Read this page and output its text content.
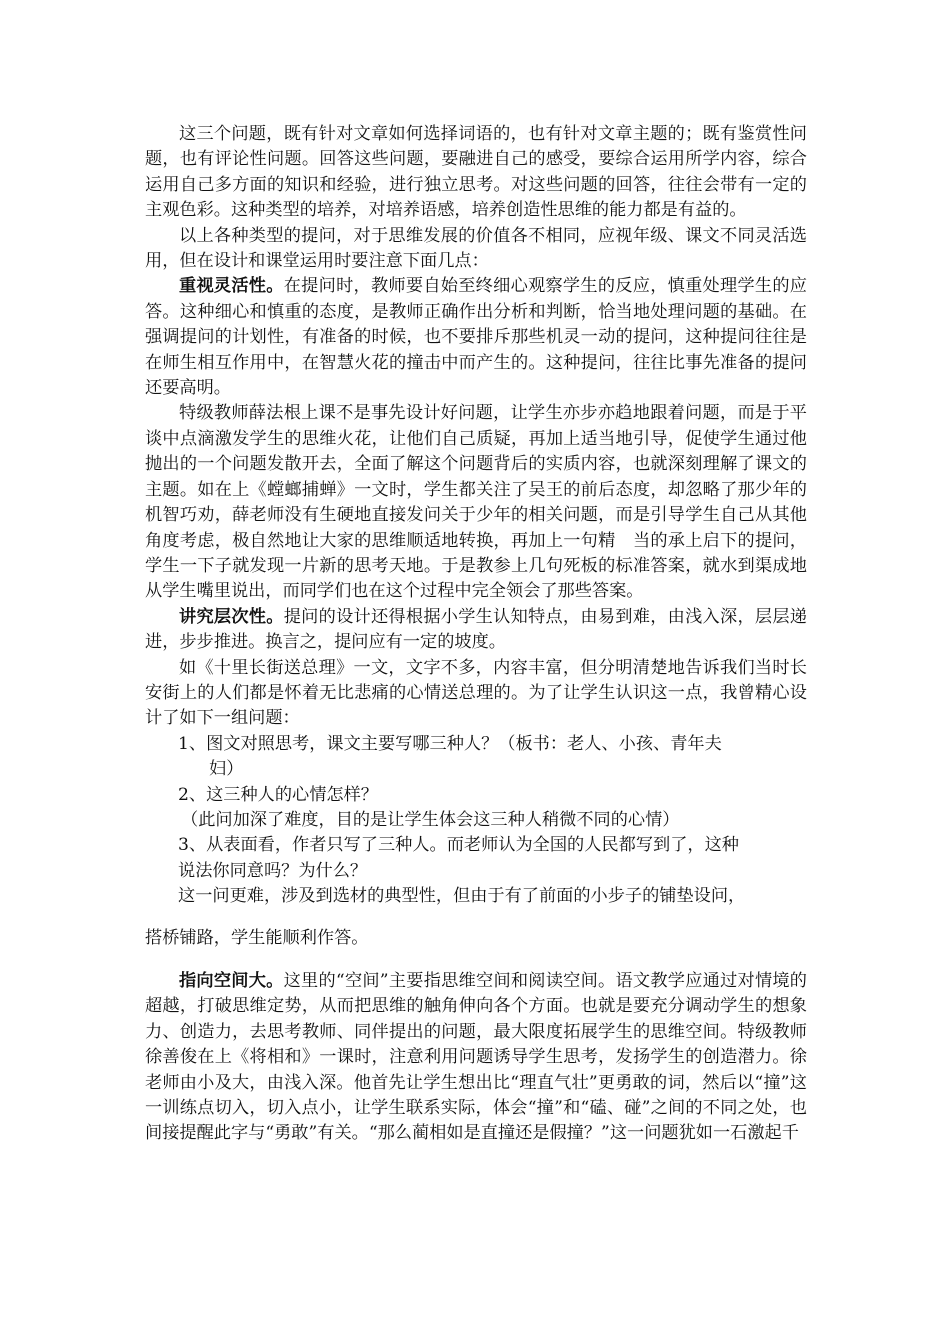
这三个问题，既有针对文章如何选择词语的，也有针对文章主题的；既有鉴赏性问题，也有评论性问题。回答这些问题，要融进自己的感受，要综合运用所学内容，综合运用自己多方面的知识和经验，进行独立思考。对这些问题的回答，往往会带有一定的主观色彩。这种类型的培养，对培养语感，培养创造性思维的能力都是有益的。

以上各种类型的提问，对于思维发展的价值各不相同，应视年级、课文不同灵活选用，但在设计和课堂运用时要注意下面几点：

重视灵活性。在提问时，教师要自始至终细心观察学生的反应，慎重处理学生的应答。这种细心和慎重的态度，是教师正确作出分析和判断，恰当地处理问题的基础。在强调提问的计划性，有准备的时候，也不要排斥那些机灵一动的提问，这种提问往往是在师生相互作用中，在智慧火花的撞击中而产生的。这种提问，往往比事先准备的提问还要高明。

特级教师薛法根上课不是事先设计好问题，让学生亦步亦趋地跟着问题，而是于平谈中点滴激发学生的思维火花，让他们自己质疑，再加上适当地引导，促使学生通过他抛出的一个问题发散开去，全面了解这个问题背后的实质内容，也就深刻理解了课文的主题。如在上《螳螂捕蝉》一文时，学生都关注了吴王的前后态度，却忽略了那少年的机智巧劝，薛老师没有生硬地直接发问关于少年的相关问题，而是引导学生自己从其他角度考虑，极自然地让大家的思维顺适地转换，再加上一句精　当的承上启下的提问，学生一下子就发现一片新的思考天地。于是教参上几句死板的标准答案，就水到渠成地从学生嘴里说出，而同学们也在这个过程中完全领会了那些答案。

讲究层次性。提问的设计还得根据小学生认知特点，由易到难，由浅入深，层层递进，步步推进。换言之，提问应有一定的坡度。

如《十里长街送总理》一文，文字不多，内容丰富，但分明清楚地告诉我们当时长安街上的人们都是怀着无比悲痛的心情送总理的。为了让学生认识这一点，我曾精心设计了如下一组问题：

1、图文对照思考，课文主要写哪三种人？（板书：老人、小孩、青年夫

妇）

2、这三种人的心情怎样？

（此问加深了难度，目的是让学生体会这三种人稍微不同的心情）

3、从表面看，作者只写了三种人。而老师认为全国的人民都写到了，这种

说法你同意吗？为什么？

这一问更难，涉及到选材的典型性，但由于有了前面的小步子的铺垫设问，

搭桥铺路，学生能顺利作答。

指向空间大。这里的“空间”主要指思维空间和阅读空间。语文教学应通过对情境的超越，打破思维定势，从而把思维的触角伸向各个方面。也就是要充分调动学生的想象力、创造力，去思考教师、同伴提出的问题，最大限度拓展学生的思维空间。特级教师徐善俊在上《将相和》一课时，注意利用问题诱导学生思考，发扬学生的创造潜力。徐老师由小及大，由浅入深。他首先让学生想出比“理直气壮”更勇敢的词，然后以“撞”这一训练点切入，切入点小，让学生联系实际，体会“撞”和“磕、碰”之间的不同之处，也间接提醒此字与“勇敢”有关。“那么蔺相如是直撞还是假撞？”这一问题犹如一石激起千
